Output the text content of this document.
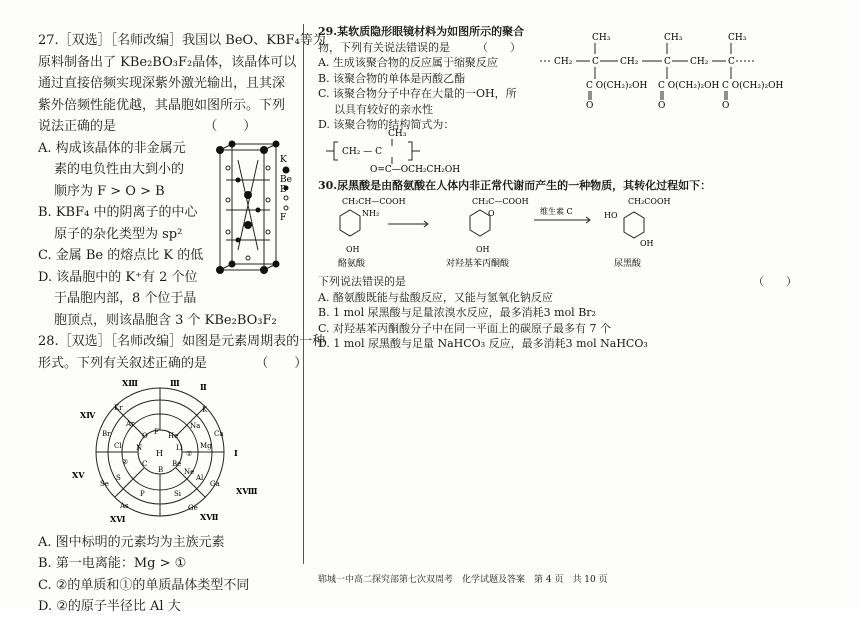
27.［双选］［名师改编］我国以 BeO、KBF₄等为
原料制备出了 KBe₂BO₃F₂晶体，该晶体可以
通过直接倍频实现深紫外激光输出，且其深
紫外倍频性能优越，其晶胞如图所示。下列
说法正确的是	（　　）
A. 构成该晶体的非金属元
素的电负性由大到小的
顺序为 F > O > B
B. KBF₄ 中的阴离子的中心
原子的杂化类型为 sp²
C. 金属 Be 的熔点比 K 的低
D. 该晶胞中的 K⁺有 2 个位
于晶胞内部，8 个位于晶
胞顶点，则该晶胞含 3 个 KBe₂BO₃F₂
K
Be
B
F
28.［双选］［名师改编］如图是元素周期表的一种
形式。下列有关叙述正确的是	（　　）
H
He
Li
Be
B
C
N
O F
Ne
Na
Mg
Al
Si
P
S
Cl
Ar
K
Ca
Ga
Ge
As
Se
Br
Kr
①
②
Ⅰ
Ⅱ
Ⅲ
ⅩⅢ
ⅩⅣ
ⅩⅤ
ⅩⅥ	ⅩⅦ
ⅩⅧ
A. 图中标明的元素均为主族元素
B. 第一电离能：Mg > ①
C. ②的单质和①的单质晶体类型不同
D. ②的原子半径比 Al 大
29.某软质隐形眼镜材料为如图所示的聚合
物，下列有关说法错误的是 （　　）
A. 生成该聚合物的反应属于缩聚反应
B. 该聚合物的单体是丙酸乙酯
C. 该聚合物分子中存在大量的一OH，所
以具有较好的亲水性
D. 该聚合物的结构简式为：
CH₃	CH₃	CH₃
CH₂ C CH₂	C CH₂ C
C O(CH₂)₂OH C O(CH₂)₂OH C O(CH₂)₂OH
O	O	O
CH₃
CH₂ — C
O=C—OCH₂CH₂OH
30.尿黑酸是由酪氨酸在人体内非正常代谢而产生的一种物质，其转化过程如下：
CH₂CH—COOH
NH₂
OH
CH₂C—COOH
O
OH
CH₂COOH
HO
OH
维生素 C
酪氨酸	对羟基苯丙酮酸	尿黑酸
下列说法错误的是	（　　）
A. 酪氨酸既能与盐酸反应，又能与氢氧化钠反应
B. 1 mol 尿黑酸与足量浓溴水反应，最多消耗3 mol Br₂
C. 对羟基苯丙酮酸分子中在同一平面上的碳原子最多有 7 个
D. 1 mol 尿黑酸与足量 NaHCO₃ 反应，最多消耗3 mol NaHCO₃
郓城一中高二探究部第七次双周考　化学试题及答案　第 4 页　共 10 页
